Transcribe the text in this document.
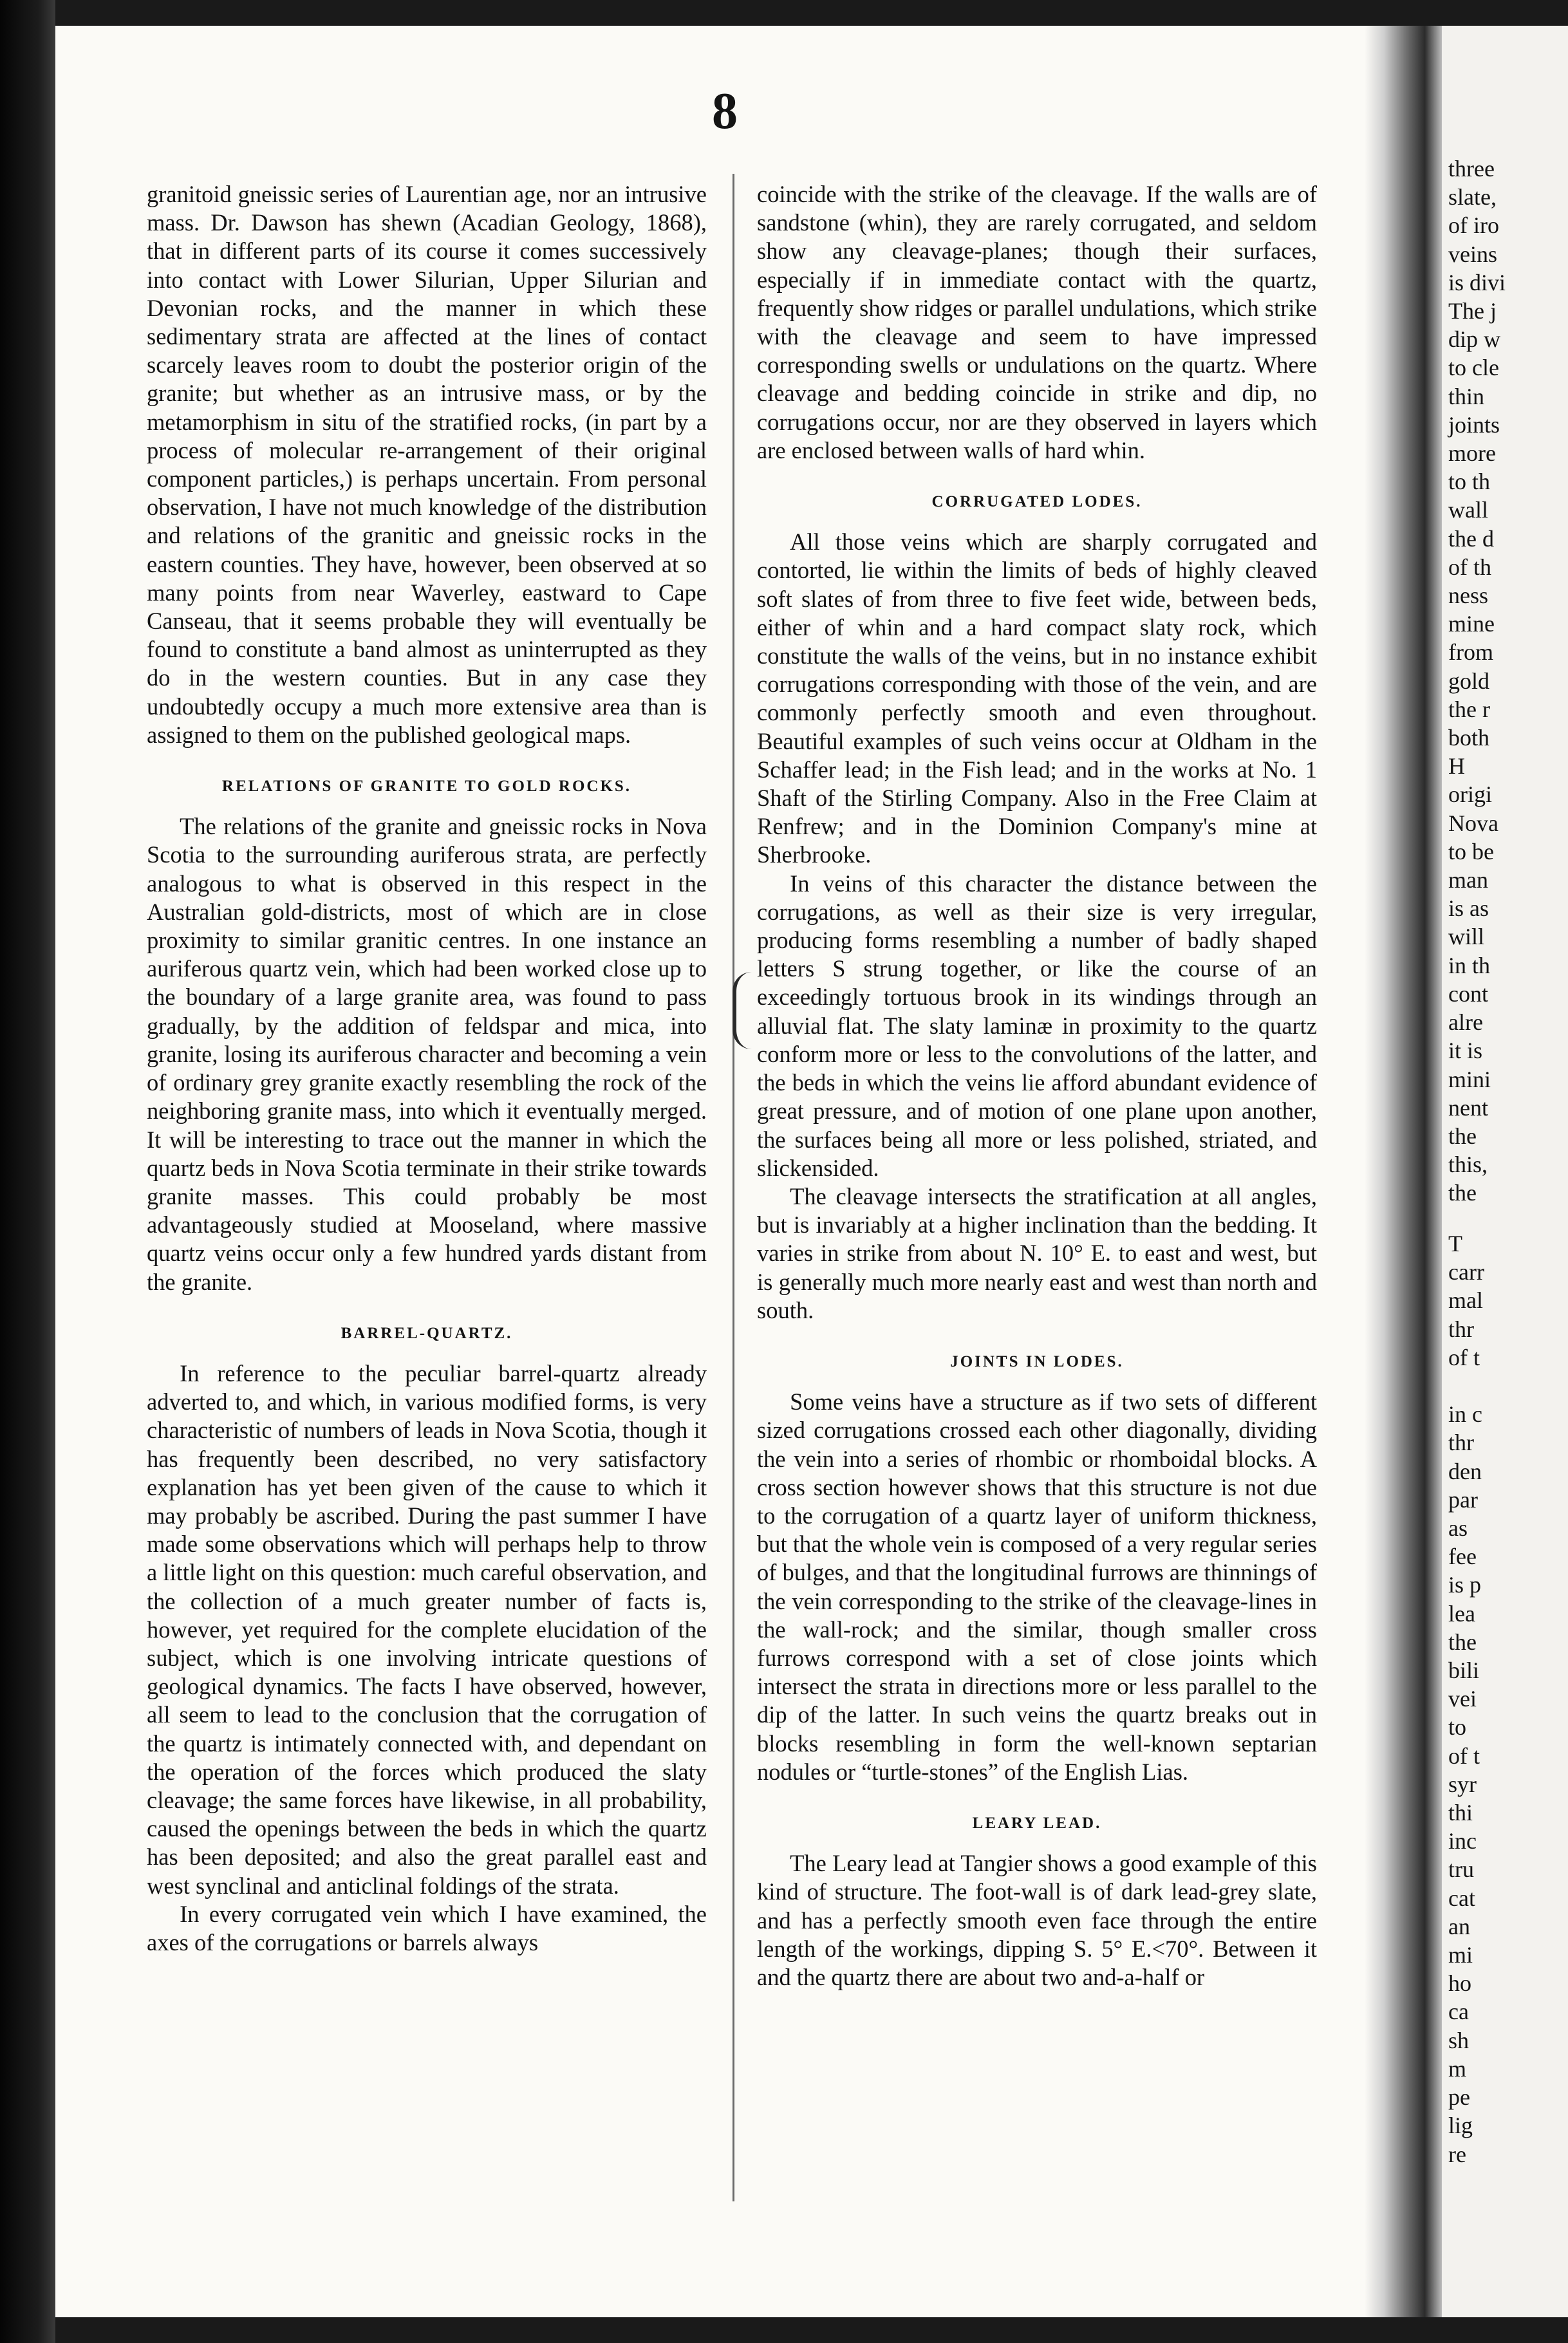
8

granitoid gneissic series of Laurentian age, nor an intrusive mass. Dr. Dawson has shewn (Acadian Geology, 1868), that in different parts of its course it comes successively into contact with Lower Silurian, Upper Silurian and Devonian rocks, and the manner in which these sedimentary strata are affected at the lines of contact scarcely leaves room to doubt the posterior origin of the granite; but whether as an intrusive mass, or by the metamorphism in situ of the stratified rocks, (in part by a process of molecular re-arrangement of their original component particles,) is perhaps uncertain. From personal observation, I have not much knowledge of the distribution and relations of the granitic and gneissic rocks in the eastern counties. They have, however, been observed at so many points from near Waverley, eastward to Cape Canseau, that it seems probable they will eventually be found to constitute a band almost as uninterrupted as they do in the western counties. But in any case they undoubtedly occupy a much more extensive area than is assigned to them on the published geological maps.

RELATIONS OF GRANITE TO GOLD ROCKS.

The relations of the granite and gneissic rocks in Nova Scotia to the surrounding auriferous strata, are perfectly analogous to what is observed in this respect in the Australian gold-districts, most of which are in close proximity to similar granitic centres. In one instance an auriferous quartz vein, which had been worked close up to the boundary of a large granite area, was found to pass gradually, by the addition of feldspar and mica, into granite, losing its auriferous character and becoming a vein of ordinary grey granite exactly resembling the rock of the neighboring granite mass, into which it eventually merged. It will be interesting to trace out the manner in which the quartz beds in Nova Scotia terminate in their strike towards granite masses. This could probably be most advantageously studied at Mooseland, where massive quartz veins occur only a few hundred yards distant from the granite.

BARREL-QUARTZ.

In reference to the peculiar barrel-quartz already adverted to, and which, in various modified forms, is very characteristic of numbers of leads in Nova Scotia, though it has frequently been described, no very satisfactory explanation has yet been given of the cause to which it may probably be ascribed. During the past summer I have made some observations which will perhaps help to throw a little light on this question: much careful observation, and the collection of a much greater number of facts is, however, yet required for the complete elucidation of the subject, which is one involving intricate questions of geological dynamics. The facts I have observed, however, all seem to lead to the conclusion that the corrugation of the quartz is intimately connected with, and dependant on the operation of the forces which produced the slaty cleavage; the same forces have likewise, in all probability, caused the openings between the beds in which the quartz has been deposited; and also the great parallel east and west synclinal and anticlinal foldings of the strata.

In every corrugated vein which I have examined, the axes of the corrugations or barrels always

coincide with the strike of the cleavage. If the walls are of sandstone (whin), they are rarely corrugated, and seldom show any cleavage-planes; though their surfaces, especially if in immediate contact with the quartz, frequently show ridges or parallel undulations, which strike with the cleavage and seem to have impressed corresponding swells or undulations on the quartz. Where cleavage and bedding coincide in strike and dip, no corrugations occur, nor are they observed in layers which are enclosed between walls of hard whin.

CORRUGATED LODES.

All those veins which are sharply corrugated and contorted, lie within the limits of beds of highly cleaved soft slates of from three to five feet wide, between beds, either of whin and a hard compact slaty rock, which constitute the walls of the veins, but in no instance exhibit corrugations corresponding with those of the vein, and are commonly perfectly smooth and even throughout. Beautiful examples of such veins occur at Oldham in the Schaffer lead; in the Fish lead; and in the works at No. 1 Shaft of the Stirling Company. Also in the Free Claim at Renfrew; and in the Dominion Company's mine at Sherbrooke.

In veins of this character the distance between the corrugations, as well as their size is very irregular, producing forms resembling a number of badly shaped letters S strung together, or like the course of an exceedingly tortuous brook in its windings through an alluvial flat. The slaty laminæ in proximity to the quartz conform more or less to the convolutions of the latter, and the beds in which the veins lie afford abundant evidence of great pressure, and of motion of one plane upon another, the surfaces being all more or less polished, striated, and slickensided.

The cleavage intersects the stratification at all angles, but is invariably at a higher inclination than the bedding. It varies in strike from about N. 10° E. to east and west, but is generally much more nearly east and west than north and south.

JOINTS IN LODES.

Some veins have a structure as if two sets of different sized corrugations crossed each other diagonally, dividing the vein into a series of rhombic or rhomboidal blocks. A cross section however shows that this structure is not due to the corrugation of a quartz layer of uniform thickness, but that the whole vein is composed of a very regular series of bulges, and that the longitudinal furrows are thinnings of the vein corresponding to the strike of the cleavage-lines in the wall-rock; and the similar, though smaller cross furrows correspond with a set of close joints which intersect the strata in directions more or less parallel to the dip of the latter. In such veins the quartz breaks out in blocks resembling in form the well-known septarian nodules or “turtle-stones” of the English Lias.

LEARY LEAD.

The Leary lead at Tangier shows a good example of this kind of structure. The foot-wall is of dark lead-grey slate, and has a perfectly smooth even face through the entire length of the workings, dipping S. 5° E.<70°. Between it and the quartz there are about two and-a-half or

three
slate,
of iro
veins
is divi
The j
dip w
to cle
thin
joints
more
to th
wall
the d
of th
ness
mine
from
gold
the r
both
H
origi
Nova
to be
man
is as
will
in th
cont
alre
it is
mini
nent
the
this,
the
T
carr
mal
thr
of t

in c
thr
den
par
as
fee
is p
lea
the
bili
vei
to
of t
syr
thi
inc
tru
cat
an
mi
ho
ca
sh
m
pe
lig
re
